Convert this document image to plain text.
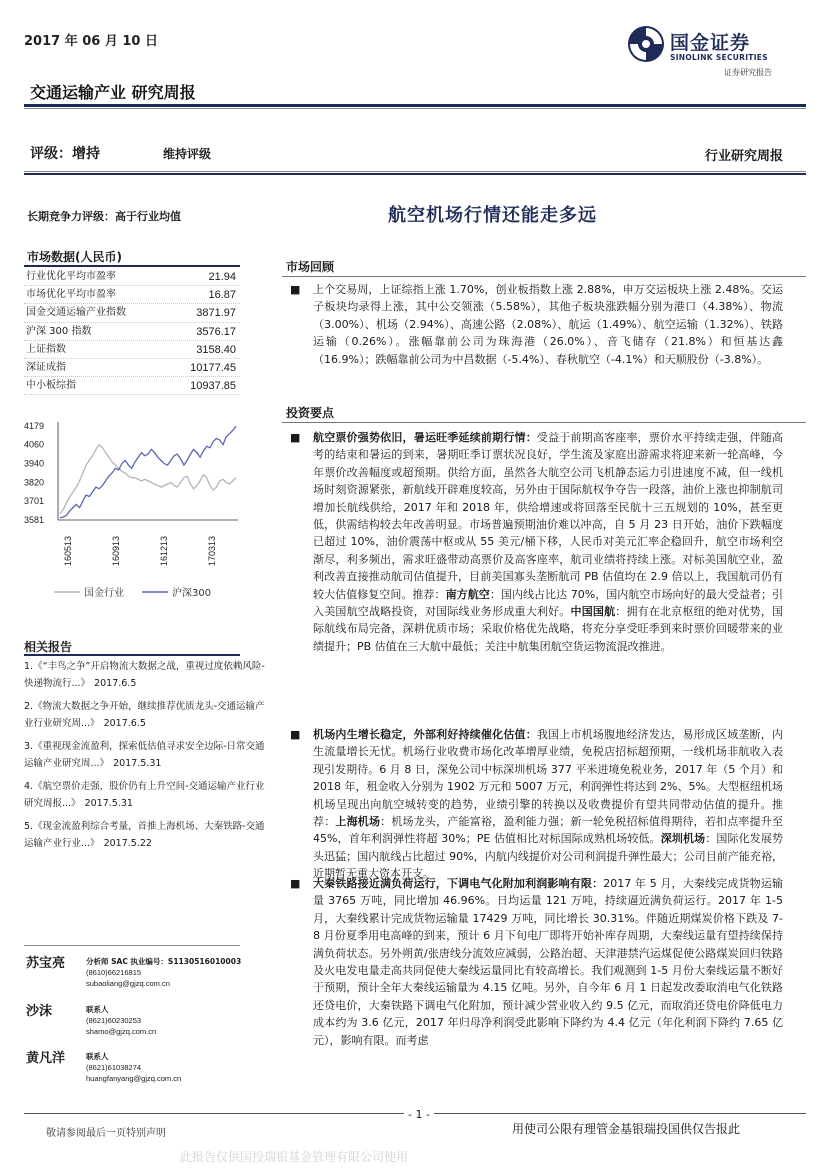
2017 年 06 月 10 日
交通运输产业 研究周报
国金证券
SINOLINK SECURITIES
证券研究报告
评级：增持	维持评级	行业研究周报
长期竞争力评级：高于行业均值
市场数据(人民币)
行业优化平均市盈率	21.94
市场优化平均市盈率	16.87
国金交通运输产业指数	3871.97
沪深 300 指数	3576.17
上证指数	3158.40
深证成指	10177.45
中小板综指	10937.85
4179
4060
3940
3820
3701
3581
160513	160913	161213	170313
国金行业	沪深300
相关报告
1.《“丰鸟之争”开启物流大数据之战，重视过度依赖风险-快递物流行...》 2017.6.5
2.《物流大数据之争开始，继续推荐优质龙头-交通运输产业行业研究周...》 2017.6.5
3.《重视现金流盈利，探索低估值寻求安全边际-日常交通运输产业研究周...》 2017.5.31
4.《航空票价走强，股价仍有上升空间-交通运输产业行业研究周报...》 2017.5.31
5.《现金流盈利综合考量，首推上海机场、大秦铁路-交通运输产业行业...》 2017.5.22
苏宝亮	分析师 SAC 执业编号：S1130516010003
(8610)66216815
subaoliang@gjzq.com.cn
沙沫	联系人
(8621)60230253
shamo@gjzq.com.cn
黄凡洋	联系人
(8621)61038274
huangfanyang@gjzq.com.cn
航空机场行情还能走多远
市场回顾
■	上个交易周，上证综指上涨 1.70%，创业板指数上涨 2.88%，申万交运板块上涨 2.48%。交运子板块均录得上涨，其中公交领涨（5.58%），其他子板块涨跌幅分别为港口（4.38%）、物流（3.00%）、机场（2.94%）、高速公路（2.08%）、航运（1.49%）、航空运输（1.32%）、铁路运输（0.26%）。涨幅靠前公司为珠海港（26.0%）、音飞储存（21.8%）和恒基达鑫（16.9%）；跌幅靠前公司为中昌数据（-5.4%）、春秋航空（-4.1%）和天顺股份（-3.8%）。
投资要点
■	航空票价强势依旧，暑运旺季延续前期行情：受益于前期高客座率，票价水平持续走强，伴随高考的结束和暑运的到来，暑期旺季订票状况良好，学生流及家庭出游需求将迎来新一轮高峰，今年票价改善幅度或超预期。供给方面，虽然各大航空公司飞机静态运力引进速度不减，但一线机场时刻资源紧张，新航线开辟难度较高，另外由于国际航权争夺告一段落，油价上涨也抑制航司增加长航线供给，2017 年和 2018 年，供给增速或将回落至民航十三五规划的 10%，甚至更低，供需结构较去年改善明显。市场普遍预期油价难以冲高，自 5 月 23 日开始，油价下跌幅度已超过 10%，油价震荡中枢或从 55 美元/桶下移，人民币对美元汇率企稳回升，航空市场利空渐尽，利多频出，需求旺盛带动高票价及高客座率，航司业绩将持续上涨。对标美国航空业，盈利改善直接推动航司估值提升，目前美国寡头垄断航司 PB 估值均在 2.9 倍以上，我国航司仍有较大估值修复空间。推荐：南方航空：国内线占比达 70%，国内航空市场向好的最大受益者；引入美国航空战略投资，对国际线业务形成重大利好。中国国航：拥有在北京枢纽的绝对优势，国际航线布局完备，深耕优质市场；采取价格优先战略，将充分享受旺季到来时票价回暖带来的业绩提升；PB 估值在三大航中最低；关注中航集团航空货运物流混改推进。
■	机场内生增长稳定，外部利好持续催化估值：我国上市机场腹地经济发达，易形成区域垄断，内生流量增长无忧。机场行业收费市场化改革增厚业绩，免税店招标超预期，一线机场非航收入表现引发期待。6 月 8 日，深免公司中标深圳机场 377 平米进境免税业务，2017 年（5 个月）和 2018 年，租金收入分别为 1902 万元和 5007 万元，利润弹性将达到 2%、5%。大型枢纽机场机场呈现出向航空城转变的趋势，业绩引擎的转换以及收费提价有望共同带动估值的提升。推荐：上海机场：机场龙头，产能富裕，盈利能力强；新一轮免税招标值得期待，若扣点率提升至 45%，首年利润弹性将超 30%；PE 估值相比对标国际成熟机场较低。深圳机场：国际化发展势头迅猛；国内航线占比超过 90%，内航内线提价对公司利润提升弹性最大；公司目前产能充裕，近期暂无重大资本开支。
■	大秦铁路接近满负荷运行，下调电气化附加利润影响有限：2017 年 5 月，大秦线完成货物运输量 3765 万吨，同比增加 46.96%。日均运量 121 万吨，持续逼近满负荷运行。2017 年 1-5 月，大秦线累计完成货物运输量 17429 万吨，同比增长 30.31%。伴随近期煤炭价格下跌及 7-8 月份夏季用电高峰的到来，预计 6 月下旬电厂即将开始补库存周期，大秦线运量有望持续保持满负荷状态。另外朔黄/张唐线分流效应减弱，公路治超、天津港禁汽运煤促使公路煤炭回归铁路及火电发电量走高共同促使大秦线运量同比有较高增长。我们观测到 1-5 月份大秦线运量不断好于预期，预计全年大秦线运输量为 4.15 亿吨。另外，自今年 6 月 1 日起发改委取消电气化铁路还贷电价，大秦铁路下调电气化附加，预计减少营业收入约 9.5 亿元，而取消还贷电价降低电力成本约为 3.6 亿元，2017 年归母净利润受此影响下降约为 4.4 亿元（年化利润下降约 7.65 亿元），影响有限。而考虑
- 1 -
敬请参阅最后一页特别声明	用使司公限有理管金基银瑞投国供仅告报此
此报告仅供国投瑞银基金管理有限公司使用
